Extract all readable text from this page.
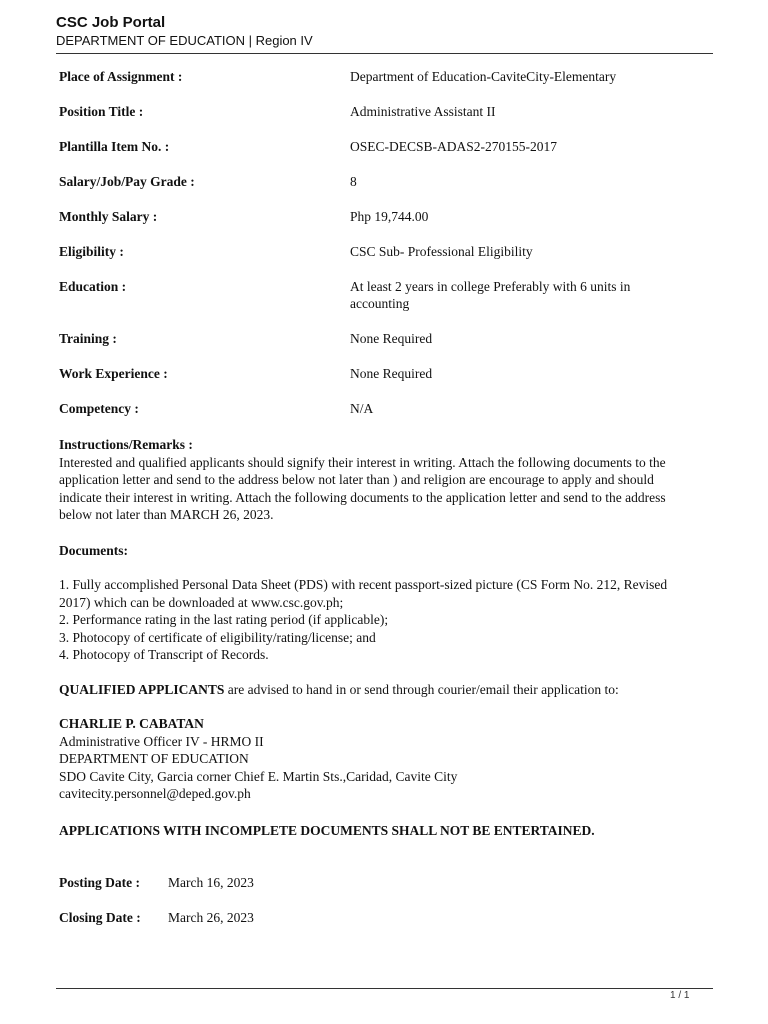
CSC Job Portal

DEPARTMENT OF EDUCATION | Region IV

Place of Assignment :	Department of Education-CaviteCity-Elementary
Position Title :	Administrative Assistant II
Plantilla Item No. :	OSEC-DECSB-ADAS2-270155-2017
Salary/Job/Pay Grade :	8
Monthly Salary :	Php 19,744.00
Eligibility :	CSC Sub- Professional Eligibility
Education :	At least 2 years in college Preferably with 6 units in accounting
Training :	None Required
Work Experience :	None Required
Competency :	N/A

Instructions/Remarks :

Interested and qualified applicants should signify their interest in writing. Attach the following documents to the application letter and send to the address below not later than ) and religion are encourage to apply and should indicate their interest in writing. Attach the following documents to the application letter and send to the address below not later than MARCH 26, 2023.

Documents:

1. Fully accomplished Personal Data Sheet (PDS) with recent passport-sized picture (CS Form No. 212, Revised 2017) which can be downloaded at www.csc.gov.ph;

2. Performance rating in the last rating period (if applicable);

3. Photocopy of certificate of eligibility/rating/license; and

4. Photocopy of Transcript of Records.

QUALIFIED APPLICANTS are advised to hand in or send through courier/email their application to:

CHARLIE P. CABATAN

Administrative Officer IV - HRMO II

DEPARTMENT OF EDUCATION

SDO Cavite City, Garcia corner Chief E. Martin Sts.,Caridad, Cavite City

cavitecity.personnel@deped.gov.ph

APPLICATIONS WITH INCOMPLETE DOCUMENTS SHALL NOT BE ENTERTAINED.

Posting Date :	March 16, 2023
Closing Date :	March 26, 2023
1 / 1
